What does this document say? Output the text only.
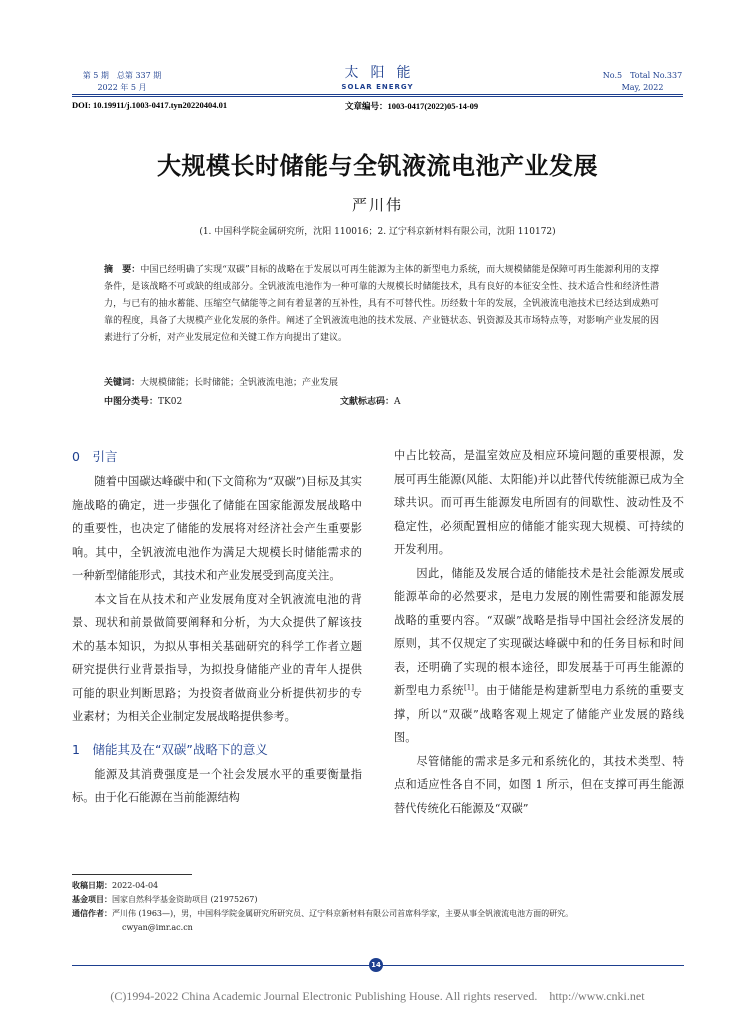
第 5 期　总第 337 期
2022 年 5 月
太阳能
SOLAR ENERGY
No.5　Total No.337
May, 2022
DOI: 10.19911/j.1003-0417.tyn20220404.01	文章编号：1003-0417(2022)05-14-09
大规模长时储能与全钒液流电池产业发展
严川伟
(1. 中国科学院金属研究所，沈阳 110016；2. 辽宁科京新材料有限公司，沈阳 110172)
摘　要：中国已经明确了实现“双碳”目标的战略在于发展以可再生能源为主体的新型电力系统，而大规模储能是保障可再生能源利用的支撑条件，是该战略不可或缺的组成部分。全钒液流电池作为一种可靠的大规模长时储能技术，具有良好的本征安全性、技术适合性和经济性潜力，与已有的抽水蓄能、压缩空气储能等之间有着显著的互补性，具有不可替代性。历经数十年的发展，全钒液流电池技术已经达到成熟可靠的程度，具备了大规模产业化发展的条件。阐述了全钒液流电池的技术发展、产业链状态、钒资源及其市场特点等，对影响产业发展的因素进行了分析，对产业发展定位和关键工作方向提出了建议。
关键词：大规模储能；长时储能；全钒液流电池；产业发展
中图分类号：TK02	文献标志码：A
0　引言

随着中国碳达峰碳中和(下文简称为“双碳”)目标及其实施战略的确定，进一步强化了储能在国家能源发展战略中的重要性，也决定了储能的发展将对经济社会产生重要影响。其中，全钒液流电池作为满足大规模长时储能需求的一种新型储能形式，其技术和产业发展受到高度关注。

本文旨在从技术和产业发展角度对全钒液流电池的背景、现状和前景做简要阐释和分析，为大众提供了解该技术的基本知识，为拟从事相关基础研究的科学工作者立题研究提供行业背景指导，为拟投身储能产业的青年人提供可能的职业判断思路；为投资者做商业分析提供初步的专业素材；为相关企业制定发展战略提供参考。

1　储能其及在“双碳”战略下的意义

能源及其消费强度是一个社会发展水平的重要衡量指标。由于化石能源在当前能源结构

中占比较高，是温室效应及相应环境问题的重要根源，发展可再生能源(风能、太阳能)并以此替代传统能源已成为全球共识。而可再生能源发电所固有的间歇性、波动性及不稳定性，必须配置相应的储能才能实现大规模、可持续的开发利用。

因此，储能及发展合适的储能技术是社会能源发展或能源革命的必然要求，是电力发展的刚性需要和能源发展战略的重要内容。“双碳”战略是指导中国社会经济发展的原则，其不仅规定了实现碳达峰碳中和的任务目标和时间表，还明确了实现的根本途径，即发展基于可再生能源的新型电力系统[1]。由于储能是构建新型电力系统的重要支撑，所以“双碳”战略客观上规定了储能产业发展的路线图。

尽管储能的需求是多元和系统化的，其技术类型、特点和适应性各自不同，如图 1 所示，但在支撑可再生能源替代传统化石能源及“双碳”

收稿日期：2022-04-04
基金项目：国家自然科学基金资助项目 (21975267)
通信作者：严川伟 (1963—)，男，中国科学院金属研究所研究员、辽宁科京新材料有限公司首席科学家，主要从事全钒液流电池方面的研究。
cwyan@imr.ac.cn
14
(C)1994-2022 China Academic Journal Electronic Publishing House. All rights reserved.　http://www.cnki.net
